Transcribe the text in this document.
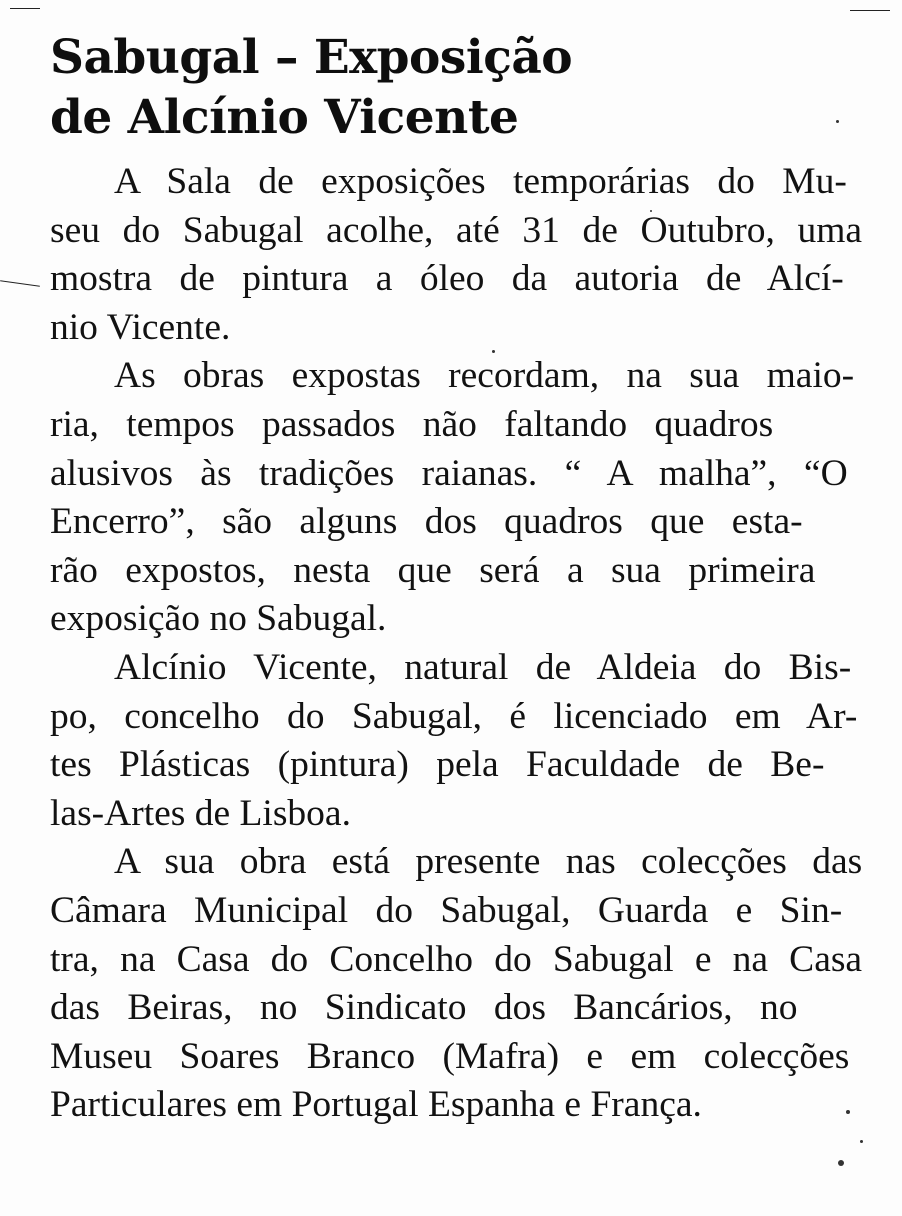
Sabugal – Exposição
de Alcínio Vicente
A Sala de exposições temporárias do Mu-
seu do Sabugal acolhe, até 31 de Outubro, uma
mostra de pintura a óleo da autoria de Alcí-
nio Vicente.
As obras expostas recordam, na sua maio-
ria, tempos passados não faltando quadros
alusivos às tradições raianas. “ A malha”, “O
Encerro”, são alguns dos quadros que esta-
rão expostos, nesta que será a sua primeira
exposição no Sabugal.
Alcínio Vicente, natural de Aldeia do Bis-
po, concelho do Sabugal, é licenciado em Ar-
tes Plásticas (pintura) pela Faculdade de Be-
las-Artes de Lisboa.
A sua obra está presente nas colecções das
Câmara Municipal do Sabugal, Guarda e Sin-
tra, na Casa do Concelho do Sabugal e na Casa
das Beiras, no Sindicato dos Bancários, no
Museu Soares Branco (Mafra) e em colecções
Particulares em Portugal Espanha e França.
